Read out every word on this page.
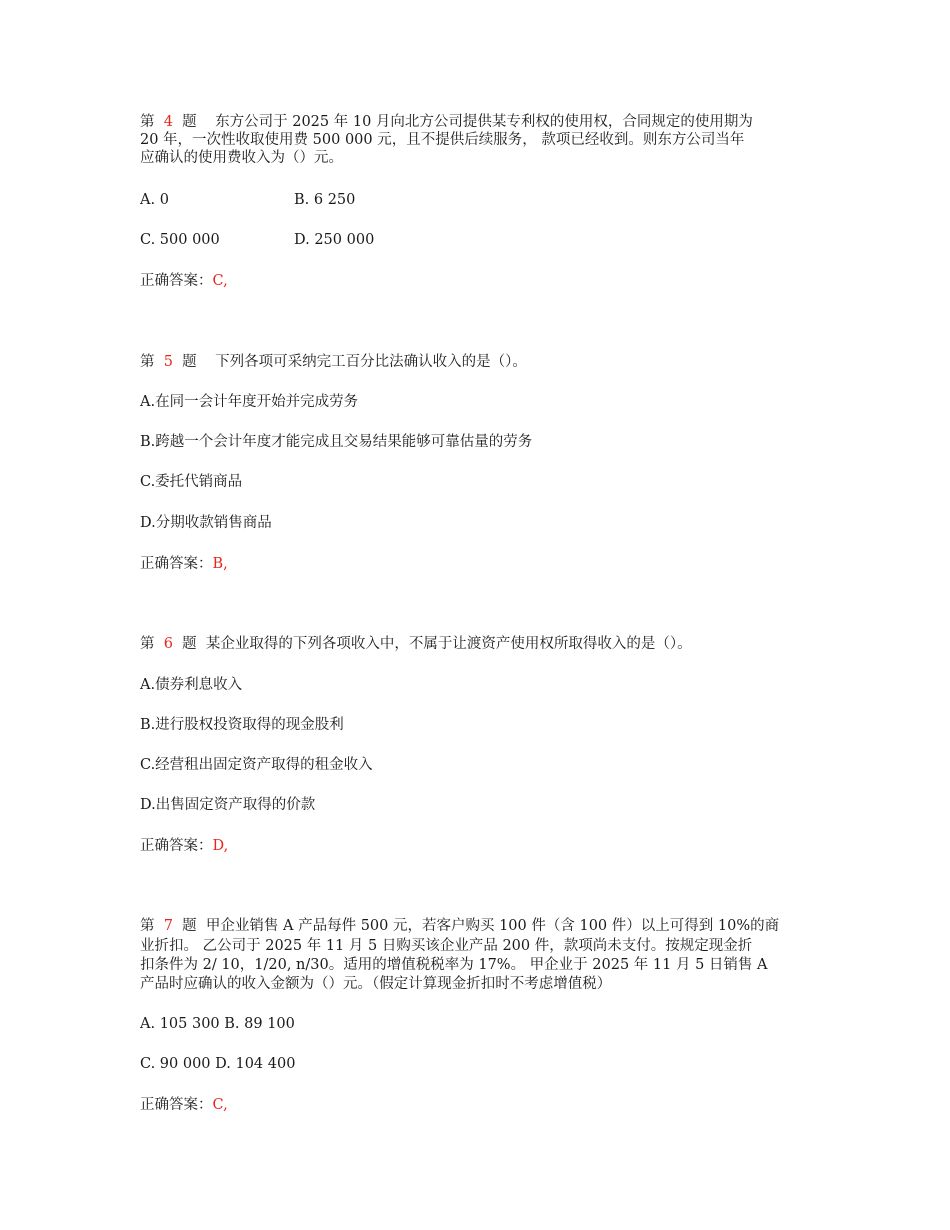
第 4 题 东方公司于 2025 年 10 月向北方公司提供某专利权的使用权，合同规定的使用期为
20 年，一次性收取使用费 500 000 元，且不提供后续服务， 款项已经收到。则东方公司当年
应确认的使用费收入为（）元。
A. 0	B. 6 250
C. 500 000	D. 250 000
正确答案：C,
第 5 题 下列各项可采纳完工百分比法确认收入的是（）。
A.在同一会计年度开始并完成劳务
B.跨越一个会计年度才能完成且交易结果能够可靠估量的劳务
C.委托代销商品
D.分期收款销售商品
正确答案：B,
第 6 题 某企业取得的下列各项收入中，不属于让渡资产使用权所取得收入的是（）。
A.债券利息收入
B.进行股权投资取得的现金股利
C.经营租出固定资产取得的租金收入
D.出售固定资产取得的价款
正确答案：D,
第 7 题 甲企业销售 A 产品每件 500 元，若客户购买 100 件（含 100 件）以上可得到 10%的商
业折扣。 乙公司于 2025 年 11 月 5 日购买该企业产品 200 件，款项尚未支付。按规定现金折
扣条件为 2/ 10，1/20, n/30。适用的增值税税率为 17%。 甲企业于 2025 年 11 月 5 日销售 A
产品时应确认的收入金额为（）元。（假定计算现金折扣时不考虑增值税）
A. 105 300 B. 89 100
C. 90 000 D. 104 400
正确答案：C,
